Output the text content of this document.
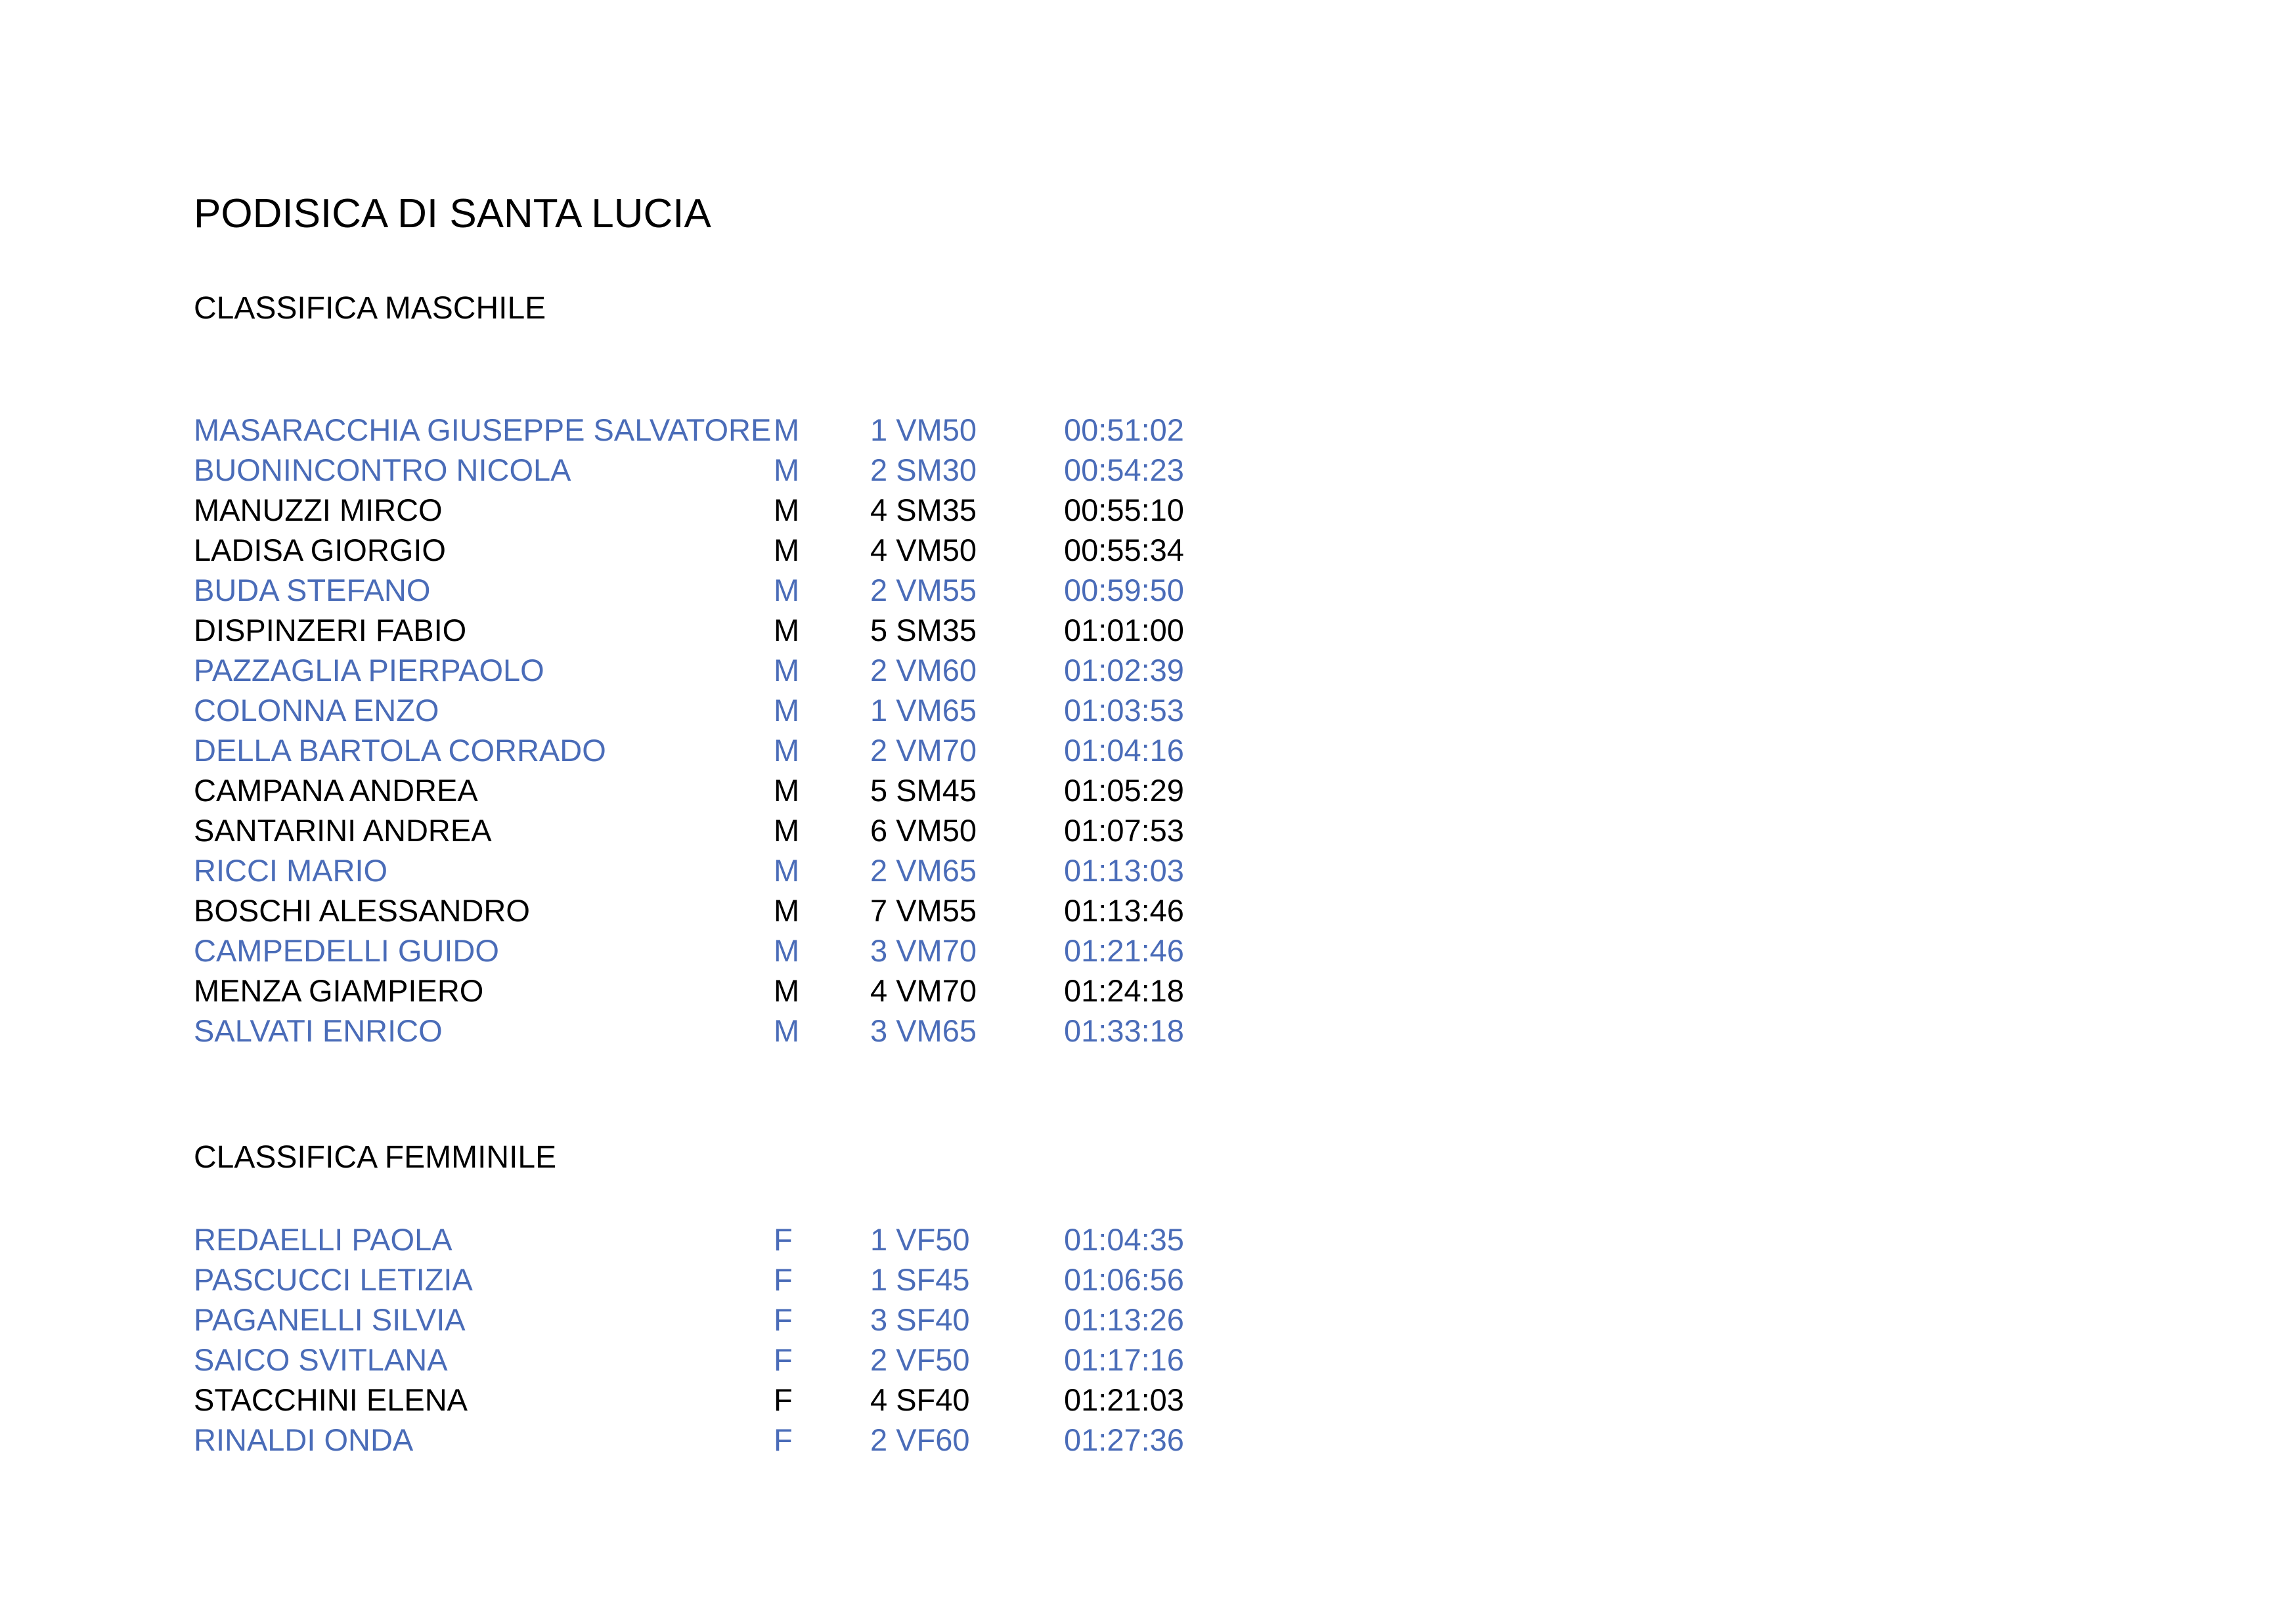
PODISICA DI SANTA LUCIA
CLASSIFICA MASCHILE
MASARACCHIA GIUSEPPE SALVATORE M 1 VM50	00:51:02
BUONINCONTRO NICOLA	M 2 SM30	00:54:23
MANUZZI MIRCO	M 4 SM35	00:55:10
LADISA GIORGIO	M 4 VM50	00:55:34
BUDA STEFANO	M 2 VM55	00:59:50
DISPINZERI FABIO	M 5 SM35	01:01:00
PAZZAGLIA PIERPAOLO	M 2 VM60	01:02:39
COLONNA ENZO	M 1 VM65	01:03:53
DELLA BARTOLA CORRADO	M 2 VM70	01:04:16
CAMPANA ANDREA	M 5 SM45	01:05:29
SANTARINI ANDREA	M 6 VM50	01:07:53
RICCI MARIO	M 2 VM65	01:13:03
BOSCHI ALESSANDRO	M 7 VM55	01:13:46
CAMPEDELLI GUIDO	M 3 VM70	01:21:46
MENZA GIAMPIERO	M 4 VM70	01:24:18
SALVATI ENRICO	M 3 VM65	01:33:18
CLASSIFICA FEMMINILE
REDAELLI PAOLA	F	1 VF50	01:04:35
PASCUCCI LETIZIA	F	1 SF45	01:06:56
PAGANELLI SILVIA	F	3 SF40	01:13:26
SAICO SVITLANA	F	2 VF50	01:17:16
STACCHINI ELENA	F	4 SF40	01:21:03
RINALDI ONDA	F	2 VF60	01:27:36
